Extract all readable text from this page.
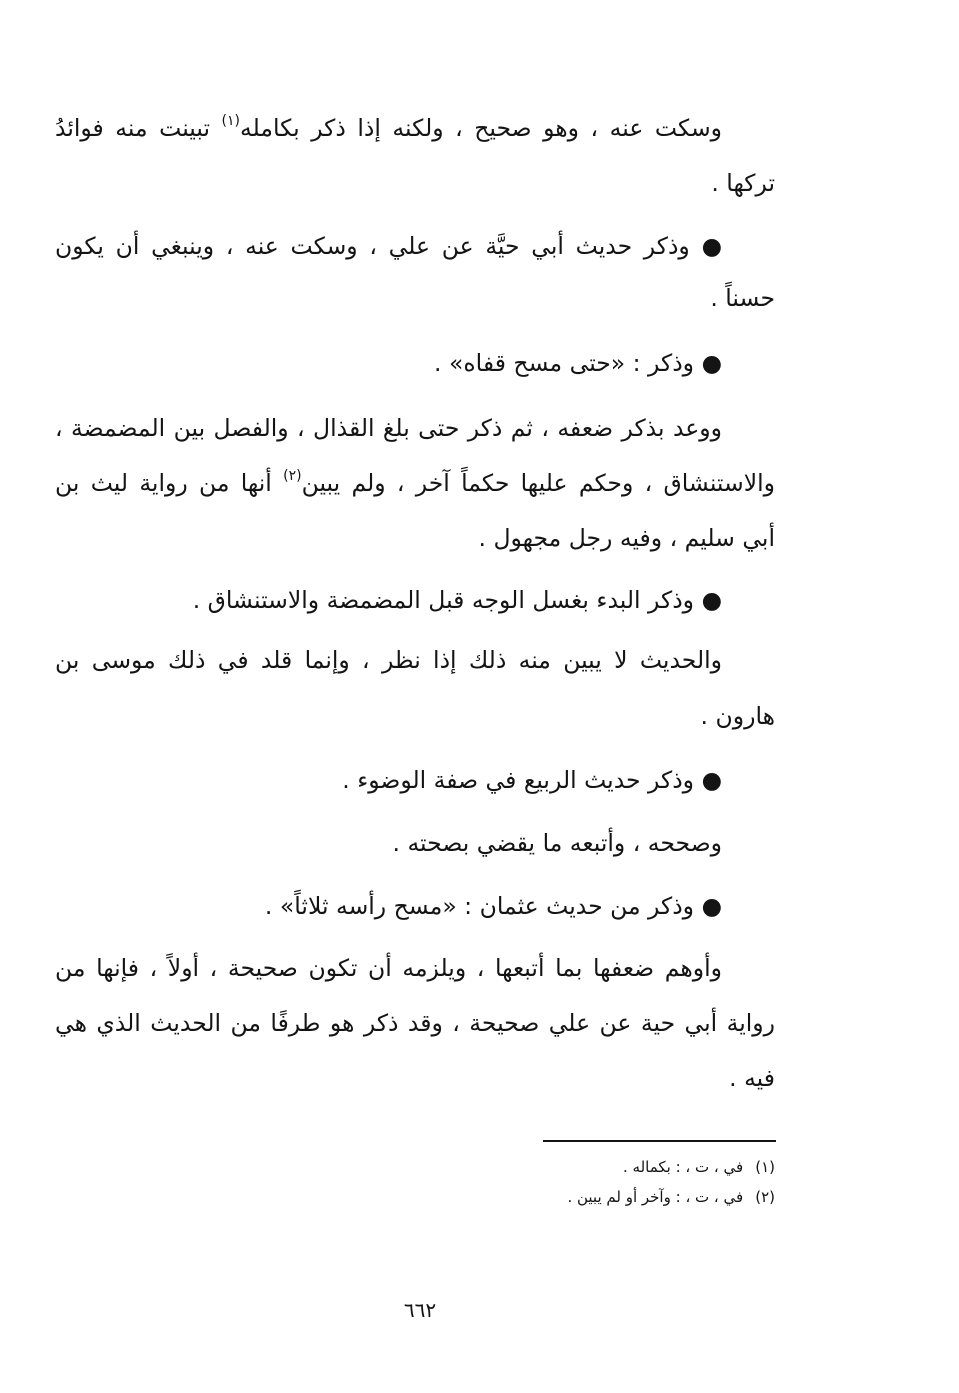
وسكت عنه ، وهو صحيح ، ولكنه إذا ذكر بكامله$^{(١)}$ تبينت منه فوائدُ
تركها .
● وذكر حديث أبي حيَّة عن علي ، وسكت عنه ، وينبغي أن يكون
حسناً .
● وذكر : «حتى مسح قفاه» .
ووعد بذكر ضعفه ، ثم ذكر حتى بلغ القذال ، والفصل بين المضمضة ،
والاستنشاق ، وحكم عليها حكماً آخر ، ولم يبين$^{(٢)}$ أنها من رواية ليث بن
أبي سليم ، وفيه رجل مجهول .
● وذكر البدء بغسل الوجه قبل المضمضة والاستنشاق .
والحديث لا يبين منه ذلك إذا نظر ، وإنما قلد في ذلك موسى بن
هارون .
● وذكر حديث الربيع في صفة الوضوء .
وصححه ، وأتبعه ما يقضي بصحته .
● وذكر من حديث عثمان : «مسح رأسه ثلاثاً» .
وأوهم ضعفها بما أتبعها ، ويلزمه أن تكون صحيحة ، أولاً ، فإنها من
رواية أبي حية عن علي صحيحة ، وقد ذكر هو طرفًا من الحديث الذي هي
فيه .
(١)في ، ت ، : بكماله .
(٢)في ، ت ، : وآخر أو لم يبين .
٦٦٢
